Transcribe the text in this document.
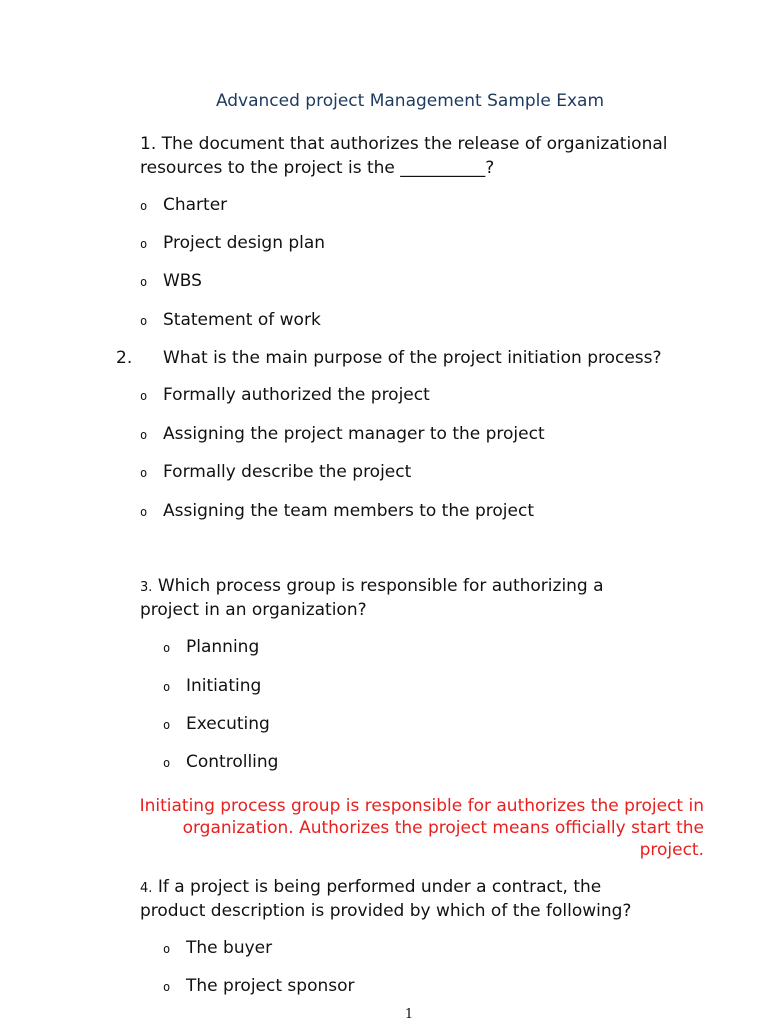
Advanced project Management Sample Exam
1. The document that authorizes the release of organizational
resources to the project is the __________?
o Charter
o Project design plan
o WBS
o Statement of work
2. What is the main purpose of the project initiation process?
o Formally authorized the project
o Assigning the project manager to the project
o Formally describe the project
o Assigning the team members to the project
3. Which process group is responsible for authorizing a
project in an organization?
o Planning
o Initiating
o Executing
o Controlling
Initiating process group is responsible for authorizes the project in organization. Authorizes the project means officially start the project.
4. If a project is being performed under a contract, the
product description is provided by which of the following?
o The buyer
o The project sponsor
1
